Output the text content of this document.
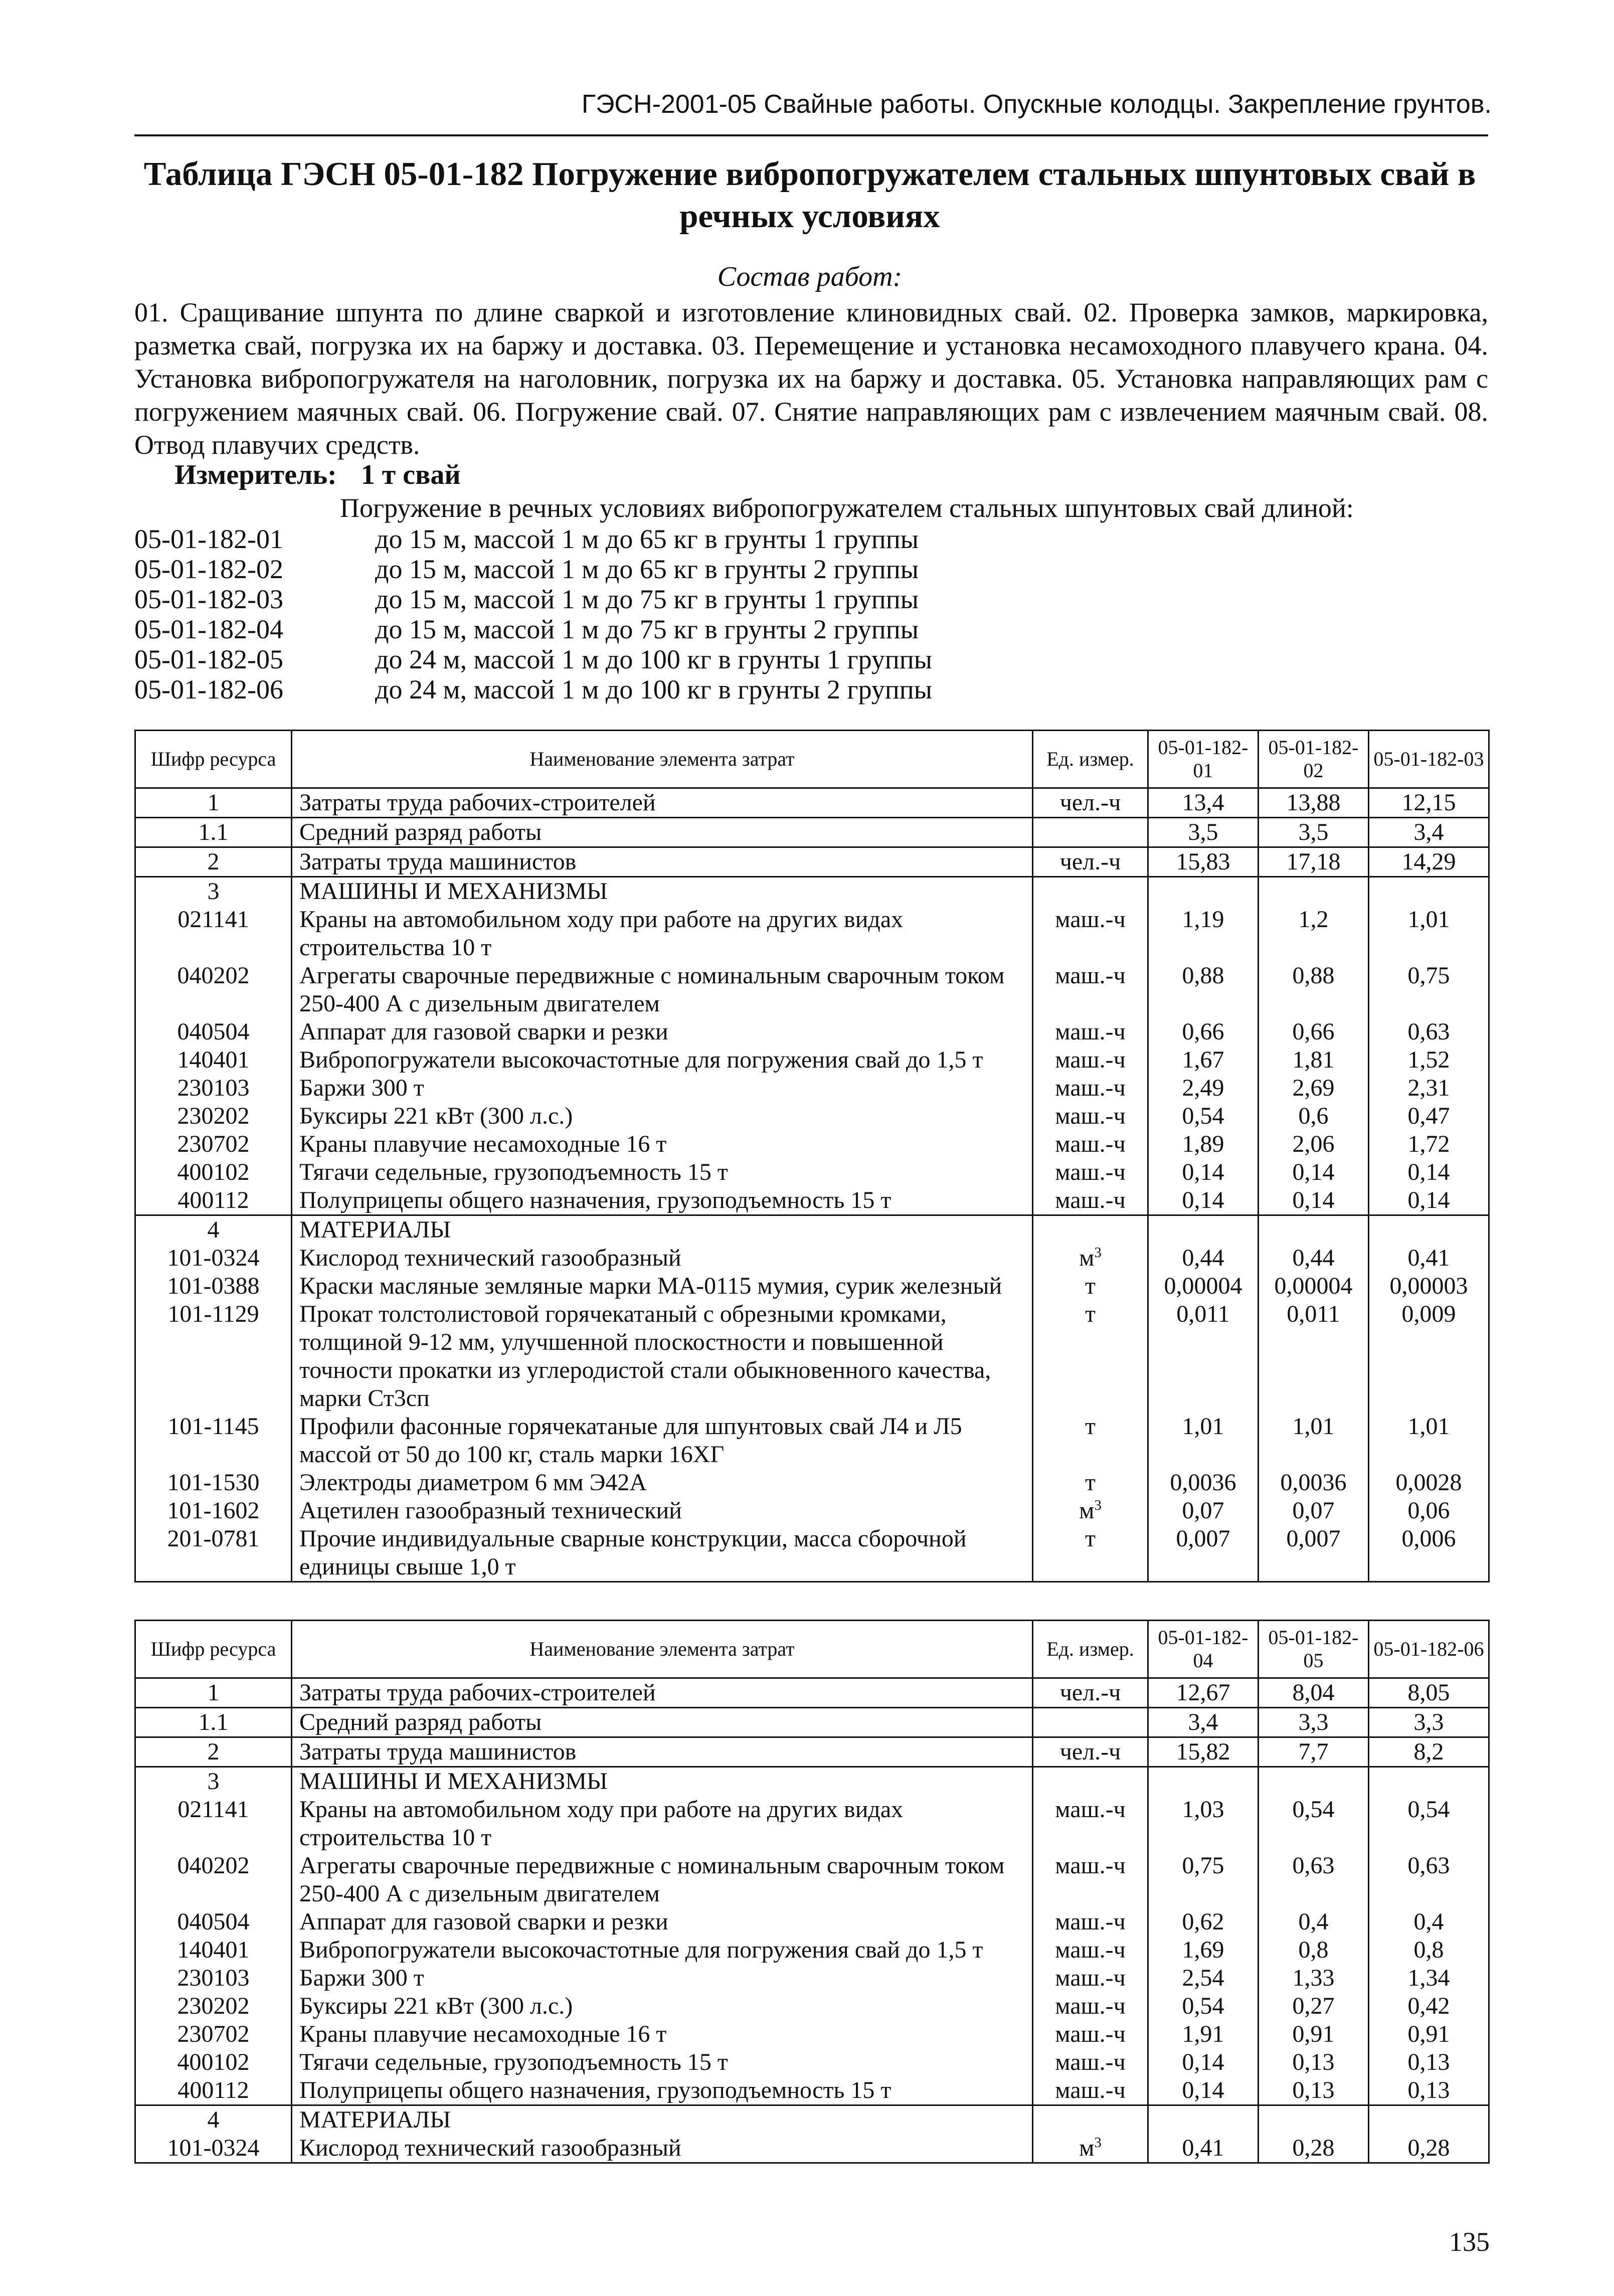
ГЭСН-2001-05 Свайные работы. Опускные колодцы. Закрепление грунтов.
Таблица ГЭСН 05-01-182 Погружение вибропогружателем стальных шпунтовых свай в
речных условиях
Состав работ:
01. Сращивание шпунта по длине сваркой и изготовление клиновидных свай. 02. Проверка замков, маркировка, разметка свай, погрузка их на баржу и доставка. 03. Перемещение и установка несамоходного плавучего крана. 04. Установка вибропогружателя на наголовник, погрузка их на баржу и доставка. 05. Установка направляющих рам с погружением маячных свай. 06. Погружение свай. 07. Снятие направляющих рам с извлечением маячным свай. 08. Отвод плавучих средств.
Измеритель: 1 т свай
Погружение в речных условиях вибропогружателем стальных шпунтовых свай длиной:
05-01-182-01	до 15 м, массой 1 м до 65 кг в грунты 1 группы
05-01-182-02	до 15 м, массой 1 м до 65 кг в грунты 2 группы
05-01-182-03	до 15 м, массой 1 м до 75 кг в грунты 1 группы
05-01-182-04	до 15 м, массой 1 м до 75 кг в грунты 2 группы
05-01-182-05	до 24 м, массой 1 м до 100 кг в грунты 1 группы
05-01-182-06	до 24 м, массой 1 м до 100 кг в грунты 2 группы
Шифр ресурса	Наименование элемента затрат	Ед. измер.	05-01-182-01	05-01-182-02	05-01-182-03
1	Затраты труда рабочих-строителей	чел.-ч	13,4	13,88	12,15
1.1	Средний разряд работы		3,5	3,5	3,4
2	Затраты труда машинистов	чел.-ч	15,83	17,18	14,29
3	МАШИНЫ И МЕХАНИЗМЫ				
021141	Краны на автомобильном ходу при работе на других видах строительства 10 т	маш.-ч	1,19	1,2	1,01
040202	Агрегаты сварочные передвижные с номинальным сварочным током 250-400 А с дизельным двигателем	маш.-ч	0,88	0,88	0,75
040504	Аппарат для газовой сварки и резки	маш.-ч	0,66	0,66	0,63
140401	Вибропогружатели высокочастотные для погружения свай до 1,5 т	маш.-ч	1,67	1,81	1,52
230103	Баржи 300 т	маш.-ч	2,49	2,69	2,31
230202	Буксиры 221 кВт (300 л.с.)	маш.-ч	0,54	0,6	0,47
230702	Краны плавучие несамоходные 16 т	маш.-ч	1,89	2,06	1,72
400102	Тягачи седельные, грузоподъемность 15 т	маш.-ч	0,14	0,14	0,14
400112	Полуприцепы общего назначения, грузоподъемность 15 т	маш.-ч	0,14	0,14	0,14
4	МАТЕРИАЛЫ				
101-0324	Кислород технический газообразный	$м^3$	0,44	0,44	0,41
101-0388	Краски масляные земляные марки МА-0115 мумия, сурик железный	т	0,00004	0,00004	0,00003
101-1129	Прокат толстолистовой горячекатаный с обрезными кромками, толщиной 9-12 мм, улучшенной плоскостности и повышенной точности прокатки из углеродистой стали обыкновенного качества, марки Ст3сп	т	0,011	0,011	0,009
101-1145	Профили фасонные горячекатаные для шпунтовых свай Л4 и Л5 массой от 50 до 100 кг, сталь марки 16ХГ	т	1,01	1,01	1,01
101-1530	Электроды диаметром 6 мм Э42А	т	0,0036	0,0036	0,0028
101-1602	Ацетилен газообразный технический	$м^3$	0,07	0,07	0,06
201-0781	Прочие индивидуальные сварные конструкции, масса сборочной единицы свыше 1,0 т	т	0,007	0,007	0,006
Шифр ресурса	Наименование элемента затрат	Ед. измер.	05-01-182-04	05-01-182-05	05-01-182-06
1	Затраты труда рабочих-строителей	чел.-ч	12,67	8,04	8,05
1.1	Средний разряд работы		3,4	3,3	3,3
2	Затраты труда машинистов	чел.-ч	15,82	7,7	8,2
3	МАШИНЫ И МЕХАНИЗМЫ				
021141	Краны на автомобильном ходу при работе на других видах строительства 10 т	маш.-ч	1,03	0,54	0,54
040202	Агрегаты сварочные передвижные с номинальным сварочным током 250-400 А с дизельным двигателем	маш.-ч	0,75	0,63	0,63
040504	Аппарат для газовой сварки и резки	маш.-ч	0,62	0,4	0,4
140401	Вибропогружатели высокочастотные для погружения свай до 1,5 т	маш.-ч	1,69	0,8	0,8
230103	Баржи 300 т	маш.-ч	2,54	1,33	1,34
230202	Буксиры 221 кВт (300 л.с.)	маш.-ч	0,54	0,27	0,42
230702	Краны плавучие несамоходные 16 т	маш.-ч	1,91	0,91	0,91
400102	Тягачи седельные, грузоподъемность 15 т	маш.-ч	0,14	0,13	0,13
400112	Полуприцепы общего назначения, грузоподъемность 15 т	маш.-ч	0,14	0,13	0,13
4	МАТЕРИАЛЫ				
101-0324	Кислород технический газообразный	$м^3$	0,41	0,28	0,28
135
